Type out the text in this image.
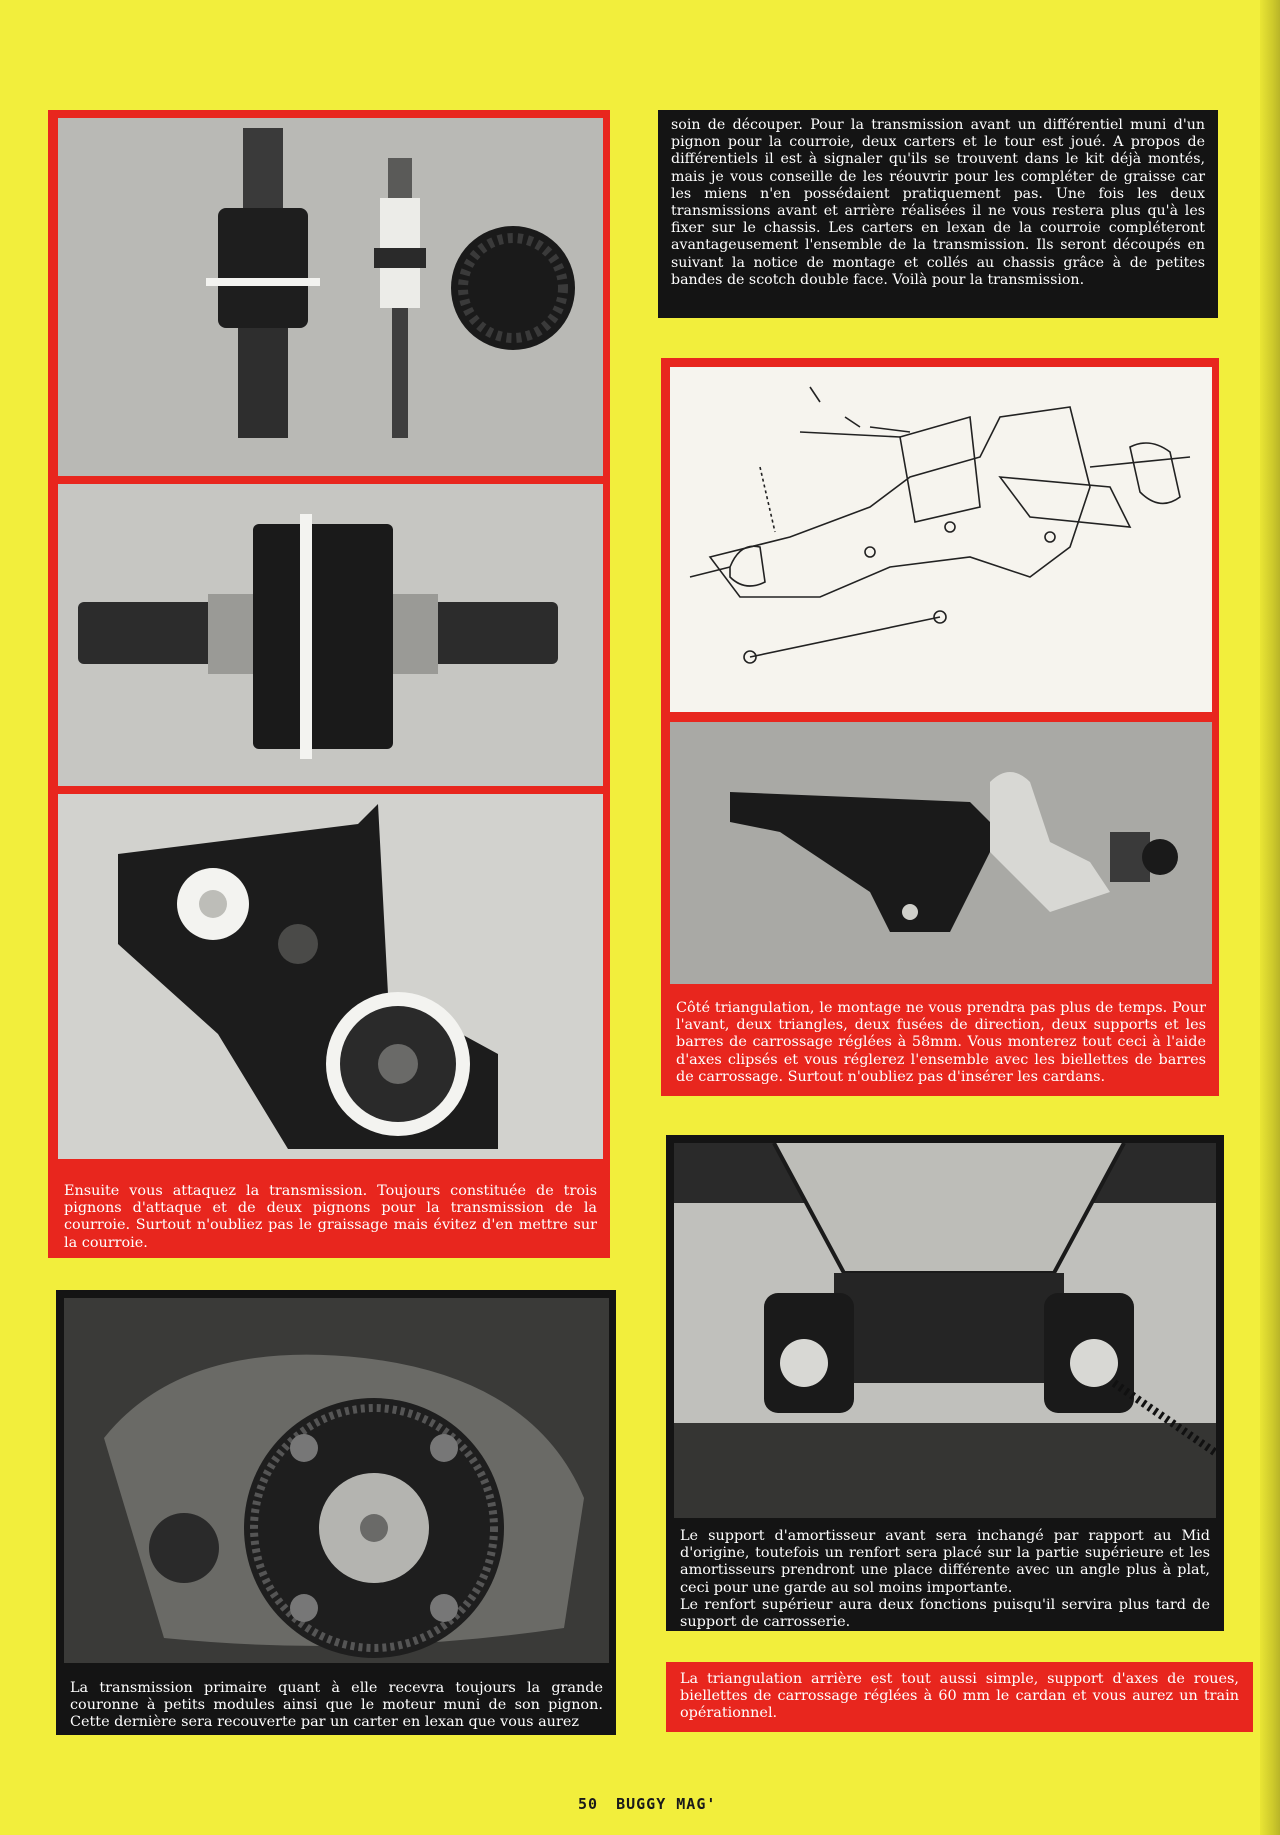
Ensuite vous attaquez la transmission. Toujours constituée de trois pignons d'attaque et de deux pignons pour la transmission de la courroie. Surtout n'oubliez pas le graissage mais évitez d'en mettre sur la courroie.

La transmission primaire quant à elle recevra toujours la grande couronne à petits modules ainsi que le moteur muni de son pignon. Cette dernière sera recouverte par un carter en lexan que vous aurez

soin de découper. Pour la transmission avant un différentiel muni d'un pignon pour la courroie, deux carters et le tour est joué. A propos de différentiels il est à signaler qu'ils se trouvent dans le kit déjà montés, mais je vous conseille de les réouvrir pour les compléter de graisse car les miens n'en possédaient pratiquement pas. Une fois les deux transmissions avant et arrière réalisées il ne vous restera plus qu'à les fixer sur le chassis. Les carters en lexan de la courroie compléteront avantageusement l'ensemble de la transmission. Ils seront découpés en suivant la notice de montage et collés au chassis grâce à de petites bandes de scotch double face. Voilà pour la transmission.

Côté triangulation, le montage ne vous prendra pas plus de temps. Pour l'avant, deux triangles, deux fusées de direction, deux supports et les barres de carrossage réglées à 58mm. Vous monterez tout ceci à l'aide d'axes clipsés et vous réglerez l'ensemble avec les biellettes de barres de carrossage. Surtout n'oubliez pas d'insérer les cardans.

Le support d'amortisseur avant sera inchangé par rapport au Mid d'origine, toutefois un renfort sera placé sur la partie supérieure et les amortisseurs prendront une place différente avec un angle plus à plat, ceci pour une garde au sol moins importante.

Le renfort supérieur aura deux fonctions puisqu'il servira plus tard de support de carrosserie.

La triangulation arrière est tout aussi simple, support d'axes de roues, biellettes de carrossage réglées à 60 mm le cardan et vous aurez un train opérationnel.

50 BUGGY MAG'
